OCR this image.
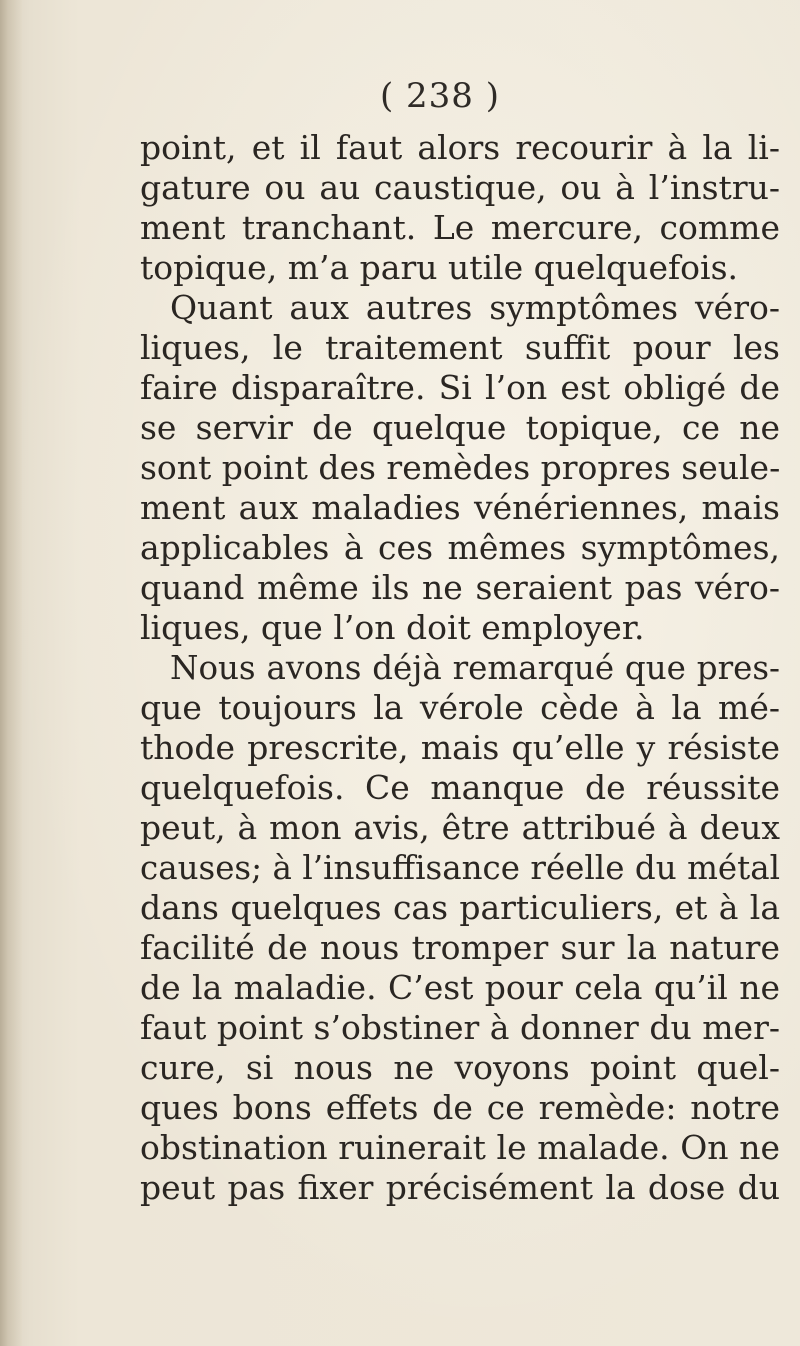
( 238 )
point, et il faut alors recourir à la li-
gature ou au caustique, ou à l’instru-
ment tranchant. Le mercure, comme
topique, m’a paru utile quelquefois.
Quant aux autres symptômes véro-
liques, le traitement suffit pour les
faire disparaître. Si l’on est obligé de
se servir de quelque topique, ce ne
sont point des remèdes propres seule-
ment aux maladies vénériennes, mais
applicables à ces mêmes symptômes,
quand même ils ne seraient pas véro-
liques, que l’on doit employer.
Nous avons déjà remarqué que pres-
que toujours la vérole cède à la mé-
thode prescrite, mais qu’elle y résiste
quelquefois. Ce manque de réussite
peut, à mon avis, être attribué à deux
causes; à l’insuffisance réelle du métal
dans quelques cas particuliers, et à la
facilité de nous tromper sur la nature
de la maladie. C’est pour cela qu’il ne
faut point s’obstiner à donner du mer-
cure, si nous ne voyons point quel-
ques bons effets de ce remède: notre
obstination ruinerait le malade. On ne
peut pas fixer précisément la dose du
